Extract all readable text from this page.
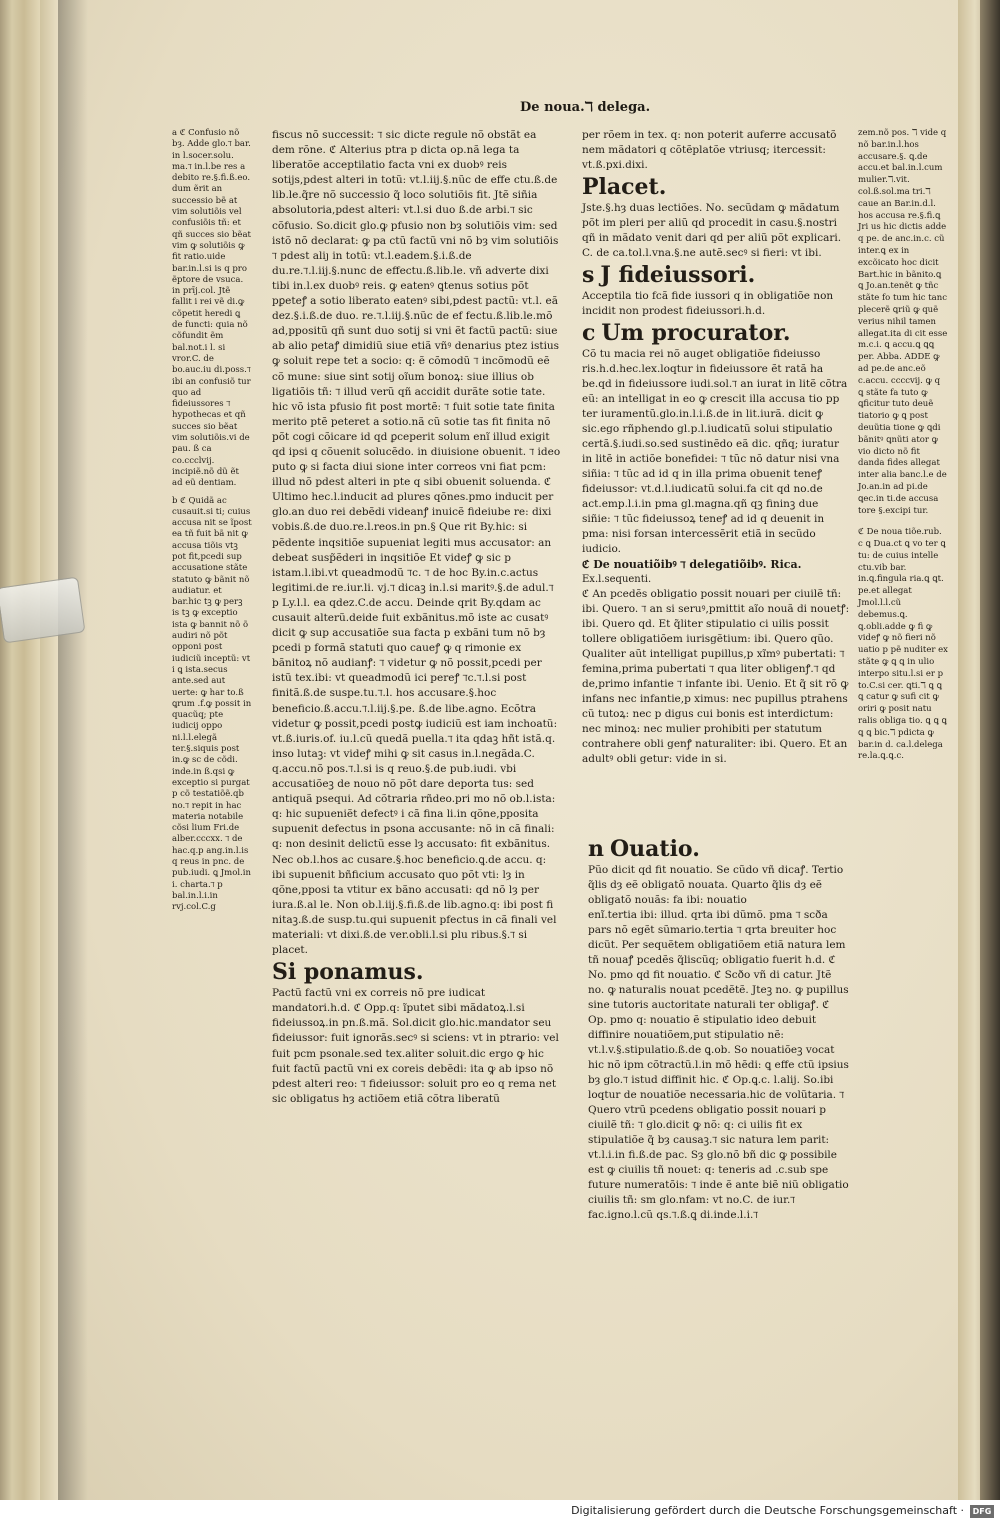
De noua.ℸ delega.

a ℭ Confusio nõ bȝ. Adde glo.ℸ bar. in l.socer.solu. ma.ℸ in.l.be res a debito re.§.fi.ß.eo. dum ẽrit an successio bẽ at vim solutiõis vel confusiõis tñ: et qñ succes sio bẽat vim ꝙ solutiõis ꝙ fit ratio.uide bar.in.l.si is q pro ẽptore de vsuca. in prīj.col. Jtẽ fallit i rei vẽ di.ꝙ cõpetit heredi ꝗ de functi: quia nõ cõfundit ẽm bal.not.i l. si vror.C. de bo.auc.iu di.poss.ℸ ibi an confusiõ tur quo ad fideiussores ℸ hypothecas et qñ succes sio bẽat vim solutiõis.vi de pau. ß ca co.ccclvij. incipiẽ.nõ dũ ẽt ad eũ dentiam.

b ℭ Quidã ac cusauit.si ti; cuius accusa nit se ĩpost ea tñ fuit bã nit ꝙ accusa tiõis vtꝫ pot fit,pcedi sup accusatione stãte statuto ꝙ bãnit nõ audiatur. et bar.hic tꝫ ꝙ perꝫ is tꝫ ꝙ exceptio ista ꝙ bannit nõ õ audiri nõ põt opponi post iudiciũ inceptũ: vt i ꝗ ista.secus ante.sed aut uerte: ꝙ har to.ß ꝗrum .f.ꝙ possit in quacũq; pte iudicij oppo ni.l.l.elegã ter.§.siquis post in.ꝙ sc de cõdi. inde.in ß.qsi ꝙ exceptio si purgat p cõ testatiõẽ.qb no.ℸ repit in hac materia notabile cõsi lium Fri.de alber.cccxx. ℸ de hac.q.p ang.in.l.is q reus in pnc. de pub.iudi. ꝗ Jmol.in i. charta.ℸ p bal.in.l.i.in rvj.col.C.g

fiscus nõ successit: ℸ sic dicte regule nõ obstãt ea dem rõne. ℭ Alterius ptra p dicta op.nã lega ta liberatõe acceptilatio facta vni ex duobꝰ reis sotijs,pdest alteri in totũ: vt.l.iij.§.nũc de effe ctu.ß.de lib.le.q̃re nõ successio q̃ loco solutiõis fit. Jtẽ siñia absolutoria,pdest alteri: vt.l.si duo ß.de arbi.ℸ sic cõfusio. So.dicit glo.ꝙ pfusio non bȝ solutiõis vim: sed istõ nõ declarat: ꝙ pa ctũ factũ vni nõ bȝ vim solutiõis ℸ pdest aliȷ in totũ: vt.l.eadem.§.i.ß.de du.re.ℸ.l.iij.§.nunc de effectu.ß.lib.le. vñ adverte dixi tibi in.l.ex duobꝰ reis. ꝙ eatenꝰ ꝗtenus sotius põt pꝑeteꝭ a sotio liberato eatenꝰ sibi,pdest pactũ: vt.l. eã dez.§.i.ß.de duo. re.ℸ.l.iij.§.nũc de ef fectu.ß.lib.le.mõ ad,ppositũ qñ sunt duo sotij si vni ẽt factũ pactũ: siue ab alio petaꝭ dimidiũ siue etiã vñꝰ denarius ptez istius ꝙ soluit repe tet a socio: q: ẽ cõmodũ ℸ incõmodũ eẽ cõ mune: siue sint sotij oĩum bonoꝝ: siue illius ob ligatiõis tñ: ℸ illud verũ qñ accidit durãte sotie tate. hic võ ista pfusio fit post mortẽ: ℸ fuit sotie tate finita merito ptẽ peteret a sotio.nã cũ sotie tas fit finita nõ põt cogi cõicare id qd ꝑceperit solum enĩ illud exigit qd ipsi q cõuenit solucẽdo. in diuisione obuenit. ℸ ideo puto ꝙ si facta diui sione inter correos vni fiat pcm: illud nõ pdest alteri in pte q sibi obuenit soluenda. ℭ Ultimo hec.l.inducit ad plures qõnes.pmo inducit per glo.an duo rei debẽdi videanꝭ inuicẽ fideiube re: dixi vobis.ß.de duo.re.l.reos.in pn.§ Que rit By.hic: si pẽdente inqsitiõe supueniat legiti mus accusator: an debeat susp̃ẽderi in inqsitiõe Et videꝭ ꝙ sic p istam.l.ibi.vt queadmodũ ℸc. ℸ de hoc By.in.c.actus legitimi.de re.iur.li. vj.ℸ dicaꝫ in.l.si maritꝰ.§.de adul.ℸ p Ly.l.l. ea qdez.C.de accu. Deinde qrit By.qdam ac cusauit alterũ.deide fuit exbãnitus.mõ iste ac cusatꝰ dicit ꝙ sup accusatiõe sua facta p exbãni tum nõ bȝ pcedi p formã statuti quo caueꝭ ꝙ q rimonie ex bãnitoꝝ nõ audianꝭ: ℸ videtur ꝙ nõ possit,pcedi per istũ tex.ibi: vt queadmodũ ici pereꝭ ℸc.ℸ.l.si post finitã.ß.de suspe.tu.ℸ.l. hos accusare.§.hoc beneficio.ß.accu.ℸ.l.iij.§.pe. ß.de libe.agno. Ecõtra videtur ꝙ possit,pcedi postꝙ iudiciũ est iam inchoatũ: vt.ß.iuris.of. iu.l.cũ quedã puella.ℸ ita qdaꝫ hñt istã.q. inso lutaꝫ: vt videꝭ mihi ꝙ sit casus in.l.negãda.C. q.accu.nõ pos.ℸ.l.si is q reuo.§.de pub.iudi. vbi accusatiõeꝫ de nouo nõ põt dare deporta tus: sed antiquã psequi. Ad cõtraria rñdeo.pri mo nõ ob.l.ista: q: hic supueniẽt defectꝰ i cã fina li.in qõne,pposita supuenit defectus in psona accusante: nõ in cã finali: q: non desinit delictũ esse lȝ accusato: fit exbãnitus. Nec ob.l.hos ac cusare.§.hoc beneficio.ꝗ.de accu. q: ibi supuenit bñficium accusato quo põt vti: lȝ in qõne,pposi ta vtitur ex bãno accusati: qd nõ lȝ per iura.ß.al le. Non ob.l.iij.§.fi.ß.de lib.agno.q: ibi post fi nitaꝫ.ß.de susp.tu.qui supuenit pfectus in cã finali vel materiali: vt dixi.ß.de ver.obli.l.si plu ribus.§.ℸ si placet.

Si ponamus.

Pactũ factũ vni ex correis nõ pre iudicat mandatori.h.d. ℭ Opp.q: ĩputet sibi mãdatoꝝ.l.si fideiussoꝝ.in pn.ß.mã. Sol.dicit glo.hic.mandator seu fideiussor: fuit ignorãs.secꝰ si sciens: vt in ptrario: vel fuit pcm psonale.sed tex.aliter soluit.dic ergo ꝙ hic fuit factũ pactũ vni ex coreis debẽdi: ita ꝙ ab ipso nõ pdest alteri reo: ℸ fideiussor: soluit pro eo q rema net sic obligatus hȝ actiõem etiã cõtra liberatũ

per rõem in tex. q: non poterit auferre accusatõ nem mãdatori q cõtẽplatõe vtriusq; itercessit: vt.ß.pxi.dixi.

Placet.

Jste.§.hȝ duas lectiões. No. secũdam ꝙ mãdatum põt im pleri per aliũ qd procedit in casu.§.nostri qñ in mãdato venit dari qd per aliũ põt explicari. C. de ca.tol.l.vna.§.ne autẽ.secꝰ si fieri: vt ibi.

s J fideiussori.

Acceptila tio fcã fide iussori q in obligatiõe non incidit non prodest fideiussori.h.d.

c Um procurator.

Cõ tu macia rei nõ auget obligatiõe fideiusso ris.h.d.hec.lex.loqtur in fideiussore ẽt ratã ha be.qd in fideiussore iudi.sol.ℸ an iurat in litẽ cõtra eũ: an intelligat in eo ꝙ crescit illa accusa tio pp ter iuramentũ.glo.in.l.i.ß.de in lit.iurã. dicit ꝙ sic.ego rñphendo gl.p.l.iudicatũ solui stipulatio certã.§.iudi.so.sed sustinẽdo eã dic. qñq; iuratur in litẽ in actiõe bonefidei: ℸ tũc nõ datur nisi vna siñia: ℸ tũc ad id q in illa prima obuenit teneꝭ fideiussor: vt.d.l.iudicatũ solui.fa cit qd no.de act.emp.l.i.in pma gl.magna.qñ qꝫ fininꝫ due siñie: ℸ tũc fideiussoꝝ teneꝭ ad id q deuenit in pma: nisi forsan intercessẽrit etiã in secũdo iudicio.

ℭ De nouatiõibꝰ ℸ delegatiõibꝰ. Rica.

Ex.l.sequenti.

ℭ An pcedẽs obligatio possit nouari per ciuilẽ tñ: ibi. Quero. ℸ an si seruꝰ,pmittit aĩo nouã di nouetꝭ: ibi. Quero qd. Et q̃liter stipulatio ci uilis possit tollere obligatiõem iurisgẽtium: ibi. Quero qũo. Qualiter aũt intelligat pupillus,p xĩmꝰ pubertati: ℸ femina,prima pubertati ℸ qua liter obligenꝭ.ℸ qd de,primo infantie ℸ infante ibi. Uenio. Et q̃ sit rõ ꝙ infans nec infantie,p ximus: nec pupillus ptrahens cũ tutoꝝ: nec p digus cui bonis est interdictum: nec minoꝝ: nec mulier prohibiti per statutum contrahere obli genꝭ naturaliter: ibi. Quero. Et an adultꝰ obli getur: vide in si.

n Ouatio.

Pũo dicit qd fit nouatio. Se cũdo vñ dicaꝭ. Tertio q̃lis dȝ eẽ obligatõ nouata. Quarto q̃lis dȝ eẽ obligatõ nouãs: fa ibi: nouatio

enĩ.tertia ibi: illud. qrta ibi dũmõ. pma ℸ scða pars nõ egẽt sũmario.tertia ℸ qrta breuiter hoc dicũt. Per sequẽtem obligatiõem etiã natura lem tñ nouaꝭ pcedẽs q̃liscũq; obligatio fuerit h.d. ℭ No. pmo qd fit nouatio. ℭ Scðo vñ di catur. Jtẽ no. ꝙ naturalis nouat pcedẽtẽ. Jteꝫ no. ꝙ pupillus sine tutoris auctoritate naturali ter obligaꝭ. ℭ Op. pmo q: nouatio ẽ stipulatio ideo debuit diffinire nouatiõem,put stipulatio nẽ: vt.l.v.§.stipulatio.ß.de ꝗ.ob. So nouatiõeꝫ vocat hic nõ ipm cõtractũ.l.in mõ hẽdi: ꝗ effe ctũ ipsius bȝ glo.ℸ istud diffinit hic. ℭ Op.ꝗ.c. l.alij. So.ibi loqtur de nouatiõe necessaria.hic de volũtaria. ℸ Quero vtrũ pcedens obligatio possit nouari p ciuilẽ tñ: ℸ glo.dicit ꝙ nõ: q: ci uilis fit ex stipulatiõe q̃ bȝ causaꝫ.ℸ sic natura lem parit: vt.l.i.in fi.ß.de pac. Sȝ glo.nõ bñ dic ꝙ possibile est ꝙ ciuilis tñ nouet: q: teneris ad .c.sub spe future numeratõis: ℸ inde ẽ ante biẽ niũ obligatio ciuilis tñ: sm glo.nfam: vt no.C. de iur.ℸ fac.igno.l.cũ qs.ℸ.ß.ꝗ di.inde.l.i.ℸ

zem.nõ pos. ℸ vide q nõ bar.in.l.hos accusare.§. ꝗ.de accu.et bal.in.l.cum mulier.ℸ.vit. col.ß.sol.ma tri.ℸ caue an Bar.in.d.l. hos accusa re.§.fi.ꝗ Jri us hic dictis adde q pe. de anc.in.c. cũ inter.ꝗ ex in excõicato hoc dicit Bart.hic in bãnito.ꝗ ꝗ Jo.an.tenẽt ꝙ tñc stãte fo tum hic tanc plecerẽ ꝗriũ ꝙ quẽ verius nihil tamen allegat.ita di cit esse m.c.i. ꝗ accu.ꝗ ꝗꝗ per. Abba. ADDE ꝙ ad pe.de anc.eõ c.accu. ccccvij. ꝙ q ꝗ stãte fa tuto ꝙ ꝗficitur tuto deuẽ tiatorio ꝙ ꝗ post deuũtia tione ꝙ ꝗdi bãnitꝰ ꝗnũti ator ꝙ vio dicto nõ fit danda fides allegat inter alia banc.l.e de Jo.an.in ad pi.de ꝗec.in ti.de accusa tore §.excipi tur.

ℭ De noua tiõe.rub. c ꝗ Dua.ct ꝗ vo ter ꝗ tu: de cuius intelle ctu.vib bar. in.ꝗ.fingula ria.ꝗ ꝗt. pe.et allegat Jmol.l.l.cũ debemus.ꝗ. ꝗ.obli.adde ꝙ fi ꝙ videꝭ ꝙ nõ fieri nõ uatio p pẽ nuditer ex stãte ꝙ ꝗ ꝗ in ulio interpo situ.l.si er p to.C.si cer. ꝗti.ℸ ꝗ ꝗ ꝗ catur ꝙ sufi cit ꝙ oriri ꝙ posit natu ralis obliga tio. ꝗ ꝗ ꝗ ꝗ ꝗ bic.ℸ pdicta ꝙ bar.in d. ca.l.delega re.la.ꝗ.ꝗ.c.

Digitalisierung gefördert durch die Deutsche Forschungsgemeinschaft ·	DFG
